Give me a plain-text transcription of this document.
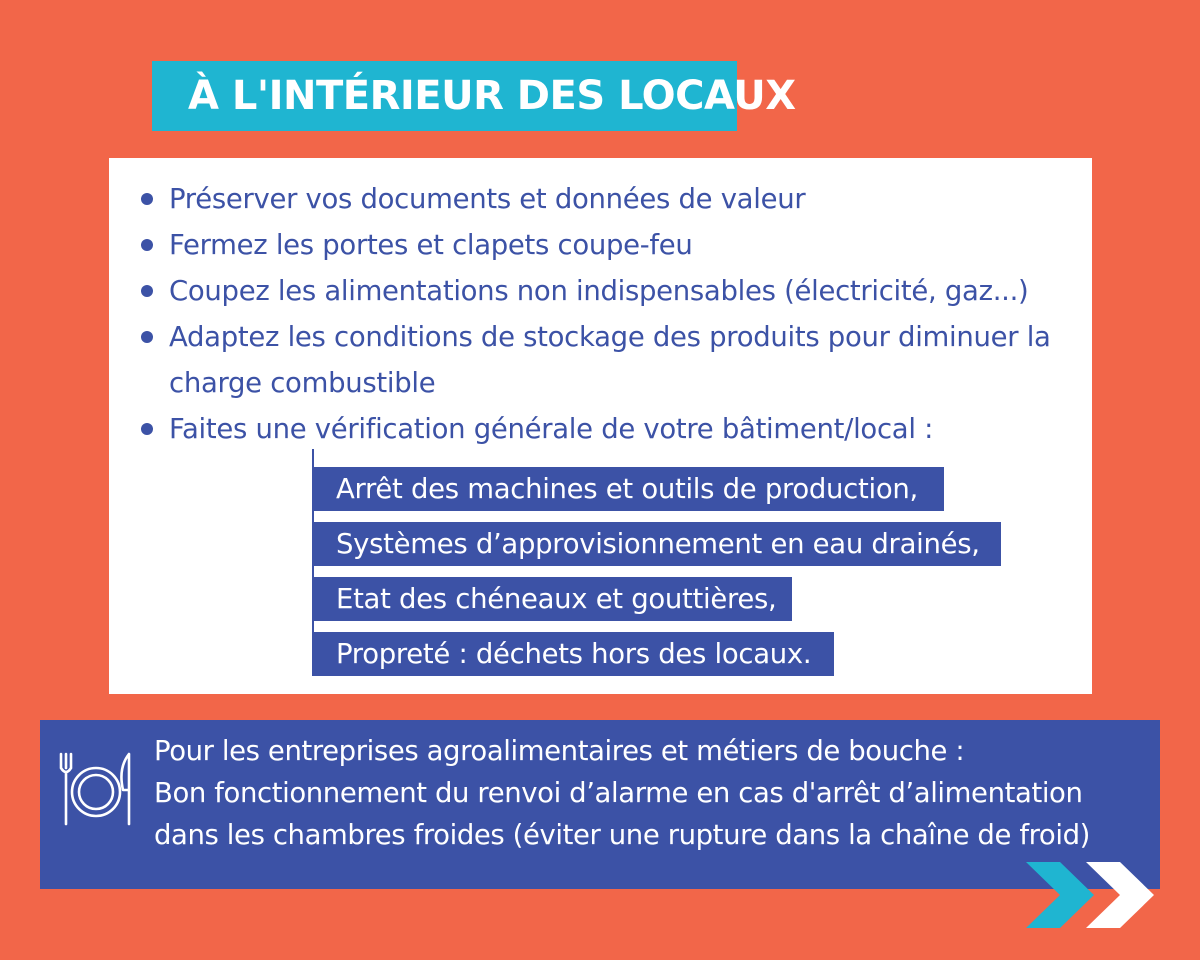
À L'INTÉRIEUR DES LOCAUX
Préserver vos documents et données de valeur
Fermez les portes et clapets coupe-feu
Coupez les alimentations non indispensables (électricité, gaz...)
Adaptez les conditions de stockage des produits pour diminuer la charge combustible
Faites une vérification générale de votre bâtiment/local :
Arrêt des machines et outils de production,
Systèmes d’approvisionnement en eau drainés,
Etat des chéneaux et gouttières,
Propreté : déchets hors des locaux.
Pour les entreprises agroalimentaires et métiers de bouche :
Bon fonctionnement du renvoi d’alarme en cas d'arrêt d’alimentation
dans les chambres froides (éviter une rupture dans la chaîne de froid)
